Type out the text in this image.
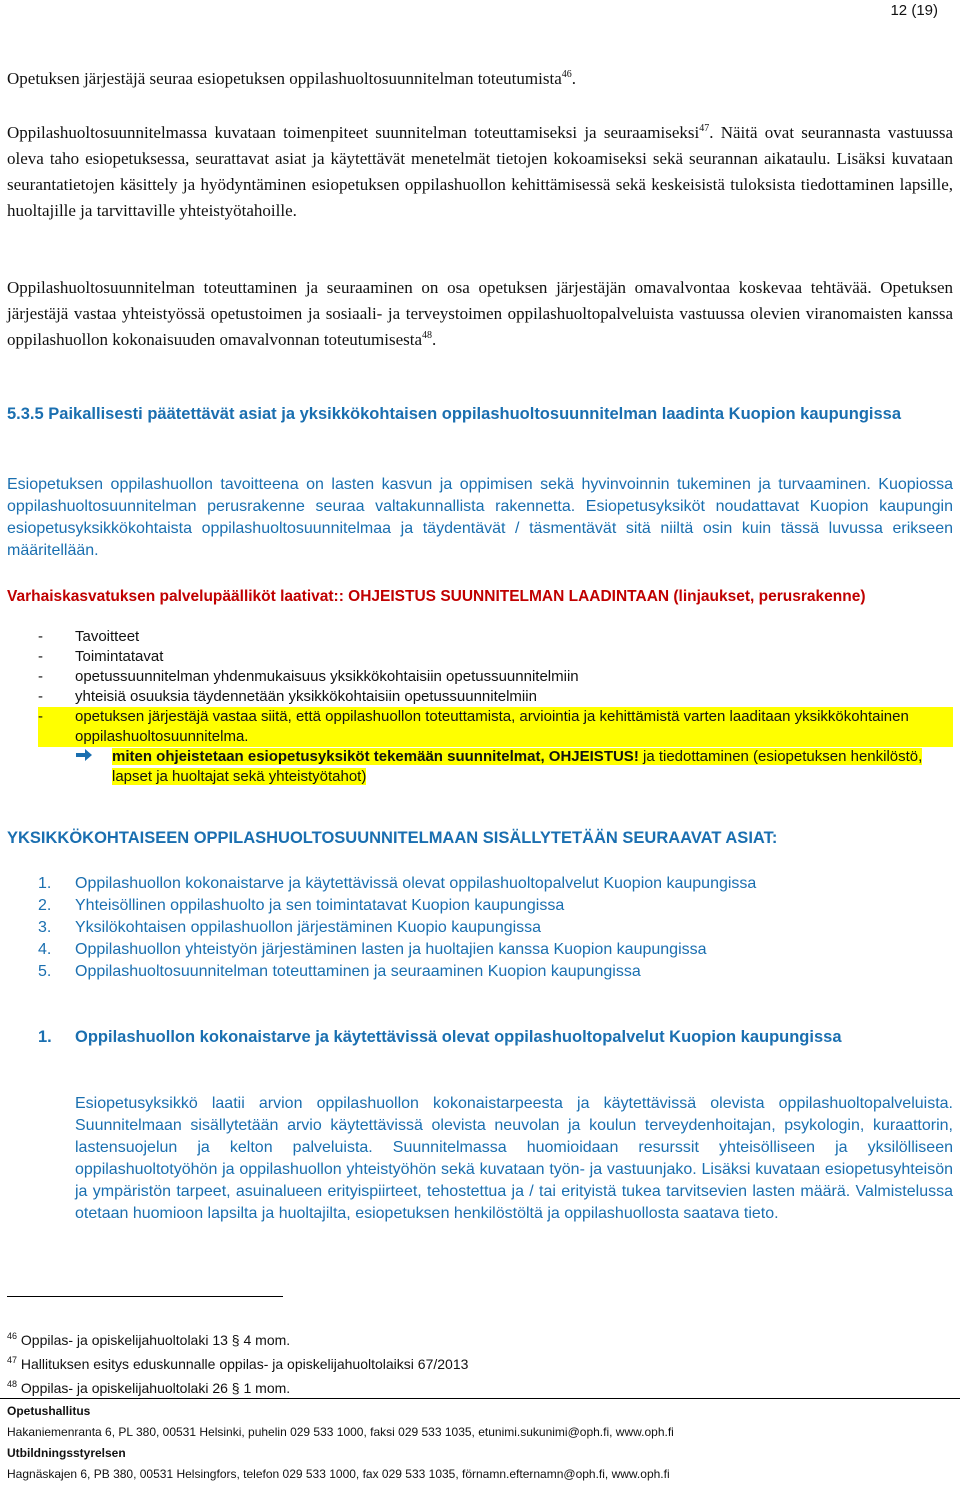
12 (19)
Opetuksen järjestäjä seuraa esiopetuksen oppilashuoltosuunnitelman toteutumista$^{46}$.
Oppilashuoltosuunnitelmassa kuvataan toimenpiteet suunnitelman toteuttamiseksi ja seuraamiseksi$^{47}$. Näitä ovat seurannasta vastuussa oleva taho esiopetuksessa, seurattavat asiat ja käytettävät menetelmät tietojen kokoamiseksi sekä seurannan aikataulu. Lisäksi kuvataan seurantatietojen käsittely ja hyödyntäminen esiopetuksen oppilashuollon kehittämisessä sekä keskeisistä tuloksista tiedottaminen lapsille, huoltajille ja tarvittaville yhteistyötahoille.
Oppilashuoltosuunnitelman toteuttaminen ja seuraaminen on osa opetuksen järjestäjän omavalvontaa koskevaa tehtävää. Opetuksen järjestäjä vastaa yhteistyössä opetustoimen ja sosiaali- ja terveystoimen oppilashuoltopalveluista vastuussa olevien viranomaisten kanssa oppilashuollon kokonaisuuden omavalvonnan toteutumisesta$^{48}$.
5.3.5 Paikallisesti päätettävät asiat ja yksikkökohtaisen oppilashuoltosuunnitelman laadinta Kuopion kaupungissa
Esiopetuksen oppilashuollon tavoitteena on lasten kasvun ja oppimisen sekä hyvinvoinnin tukeminen ja turvaaminen. Kuopiossa oppilashuoltosuunnitelman perusrakenne seuraa valtakunnallista rakennetta. Esiopetusyksiköt noudattavat Kuopion kaupungin esiopetusyksikkökohtaista oppilashuoltosuunnitelmaa ja täydentävät / täsmentävät sitä niiltä osin kuin tässä luvussa erikseen määritellään.
Varhaiskasvatuksen palvelupäälliköt laativat:: OHJEISTUS SUUNNITELMAN LAADINTAAN (linjaukset, perusrakenne)
-	Tavoitteet
-	Toimintatavat
-	opetussuunnitelman yhdenmukaisuus yksikkökohtaisiin opetussuunnitelmiin
-	yhteisiä osuuksia täydennetään yksikkökohtaisiin opetussuunnitelmiin
-	opetuksen järjestäjä vastaa siitä, että oppilashuollon toteuttamista, arviointia ja kehittämistä varten laaditaan yksikkökohtainen oppilashuoltosuunnitelma.
miten ohjeistetaan esiopetusyksiköt tekemään suunnitelmat, OHJEISTUS! ja tiedottaminen (esiopetuksen henkilöstö, lapset ja huoltajat sekä yhteistyötahot)
YKSIKKÖKOHTAISEEN OPPILASHUOLTOSUUNNITELMAAN SISÄLLYTETÄÄN SEURAAVAT ASIAT:
1.	Oppilashuollon kokonaistarve ja käytettävissä olevat oppilashuoltopalvelut Kuopion kaupungissa
2.	Yhteisöllinen oppilashuolto ja sen toimintatavat Kuopion kaupungissa
3.	Yksilökohtaisen oppilashuollon järjestäminen Kuopio kaupungissa
4.	Oppilashuollon yhteistyön järjestäminen lasten ja huoltajien kanssa Kuopion kaupungissa
5.	Oppilashuoltosuunnitelman toteuttaminen ja seuraaminen Kuopion kaupungissa
1.	Oppilashuollon kokonaistarve ja käytettävissä olevat oppilashuoltopalvelut Kuopion kaupungissa
Esiopetusyksikkö laatii arvion oppilashuollon kokonaistarpeesta ja käytettävissä olevista oppilashuoltopalveluista. Suunnitelmaan sisällytetään arvio käytettävissä olevista neuvolan ja koulun terveydenhoitajan, psykologin, kuraattorin, lastensuojelun ja kelton palveluista. Suunnitelmassa huomioidaan resurssit yhteisölliseen ja yksilölliseen oppilashuoltotyöhön ja oppilashuollon yhteistyöhön sekä kuvataan työn- ja vastuunjako. Lisäksi kuvataan esiopetusyhteisön ja ympäristön tarpeet, asuinalueen erityispiirteet, tehostettua ja / tai erityistä tukea tarvitsevien lasten määrä. Valmistelussa otetaan huomioon lapsilta ja huoltajilta, esiopetuksen henkilöstöltä ja oppilashuollosta saatava tieto.
$^{46}$ Oppilas- ja opiskelijahuoltolaki 13 § 4 mom.
$^{47}$ Hallituksen esitys eduskunnalle oppilas- ja opiskelijahuoltolaiksi 67/2013
$^{48}$ Oppilas- ja opiskelijahuoltolaki 26 § 1 mom.
Opetushallitus
Hakaniemenranta 6, PL 380, 00531 Helsinki, puhelin 029 533 1000, faksi 029 533 1035, etunimi.sukunimi@oph.fi, www.oph.fi
Utbildningsstyrelsen
Hagnäskajen 6, PB 380, 00531 Helsingfors, telefon 029 533 1000, fax 029 533 1035, förnamn.efternamn@oph.fi, www.oph.fi
